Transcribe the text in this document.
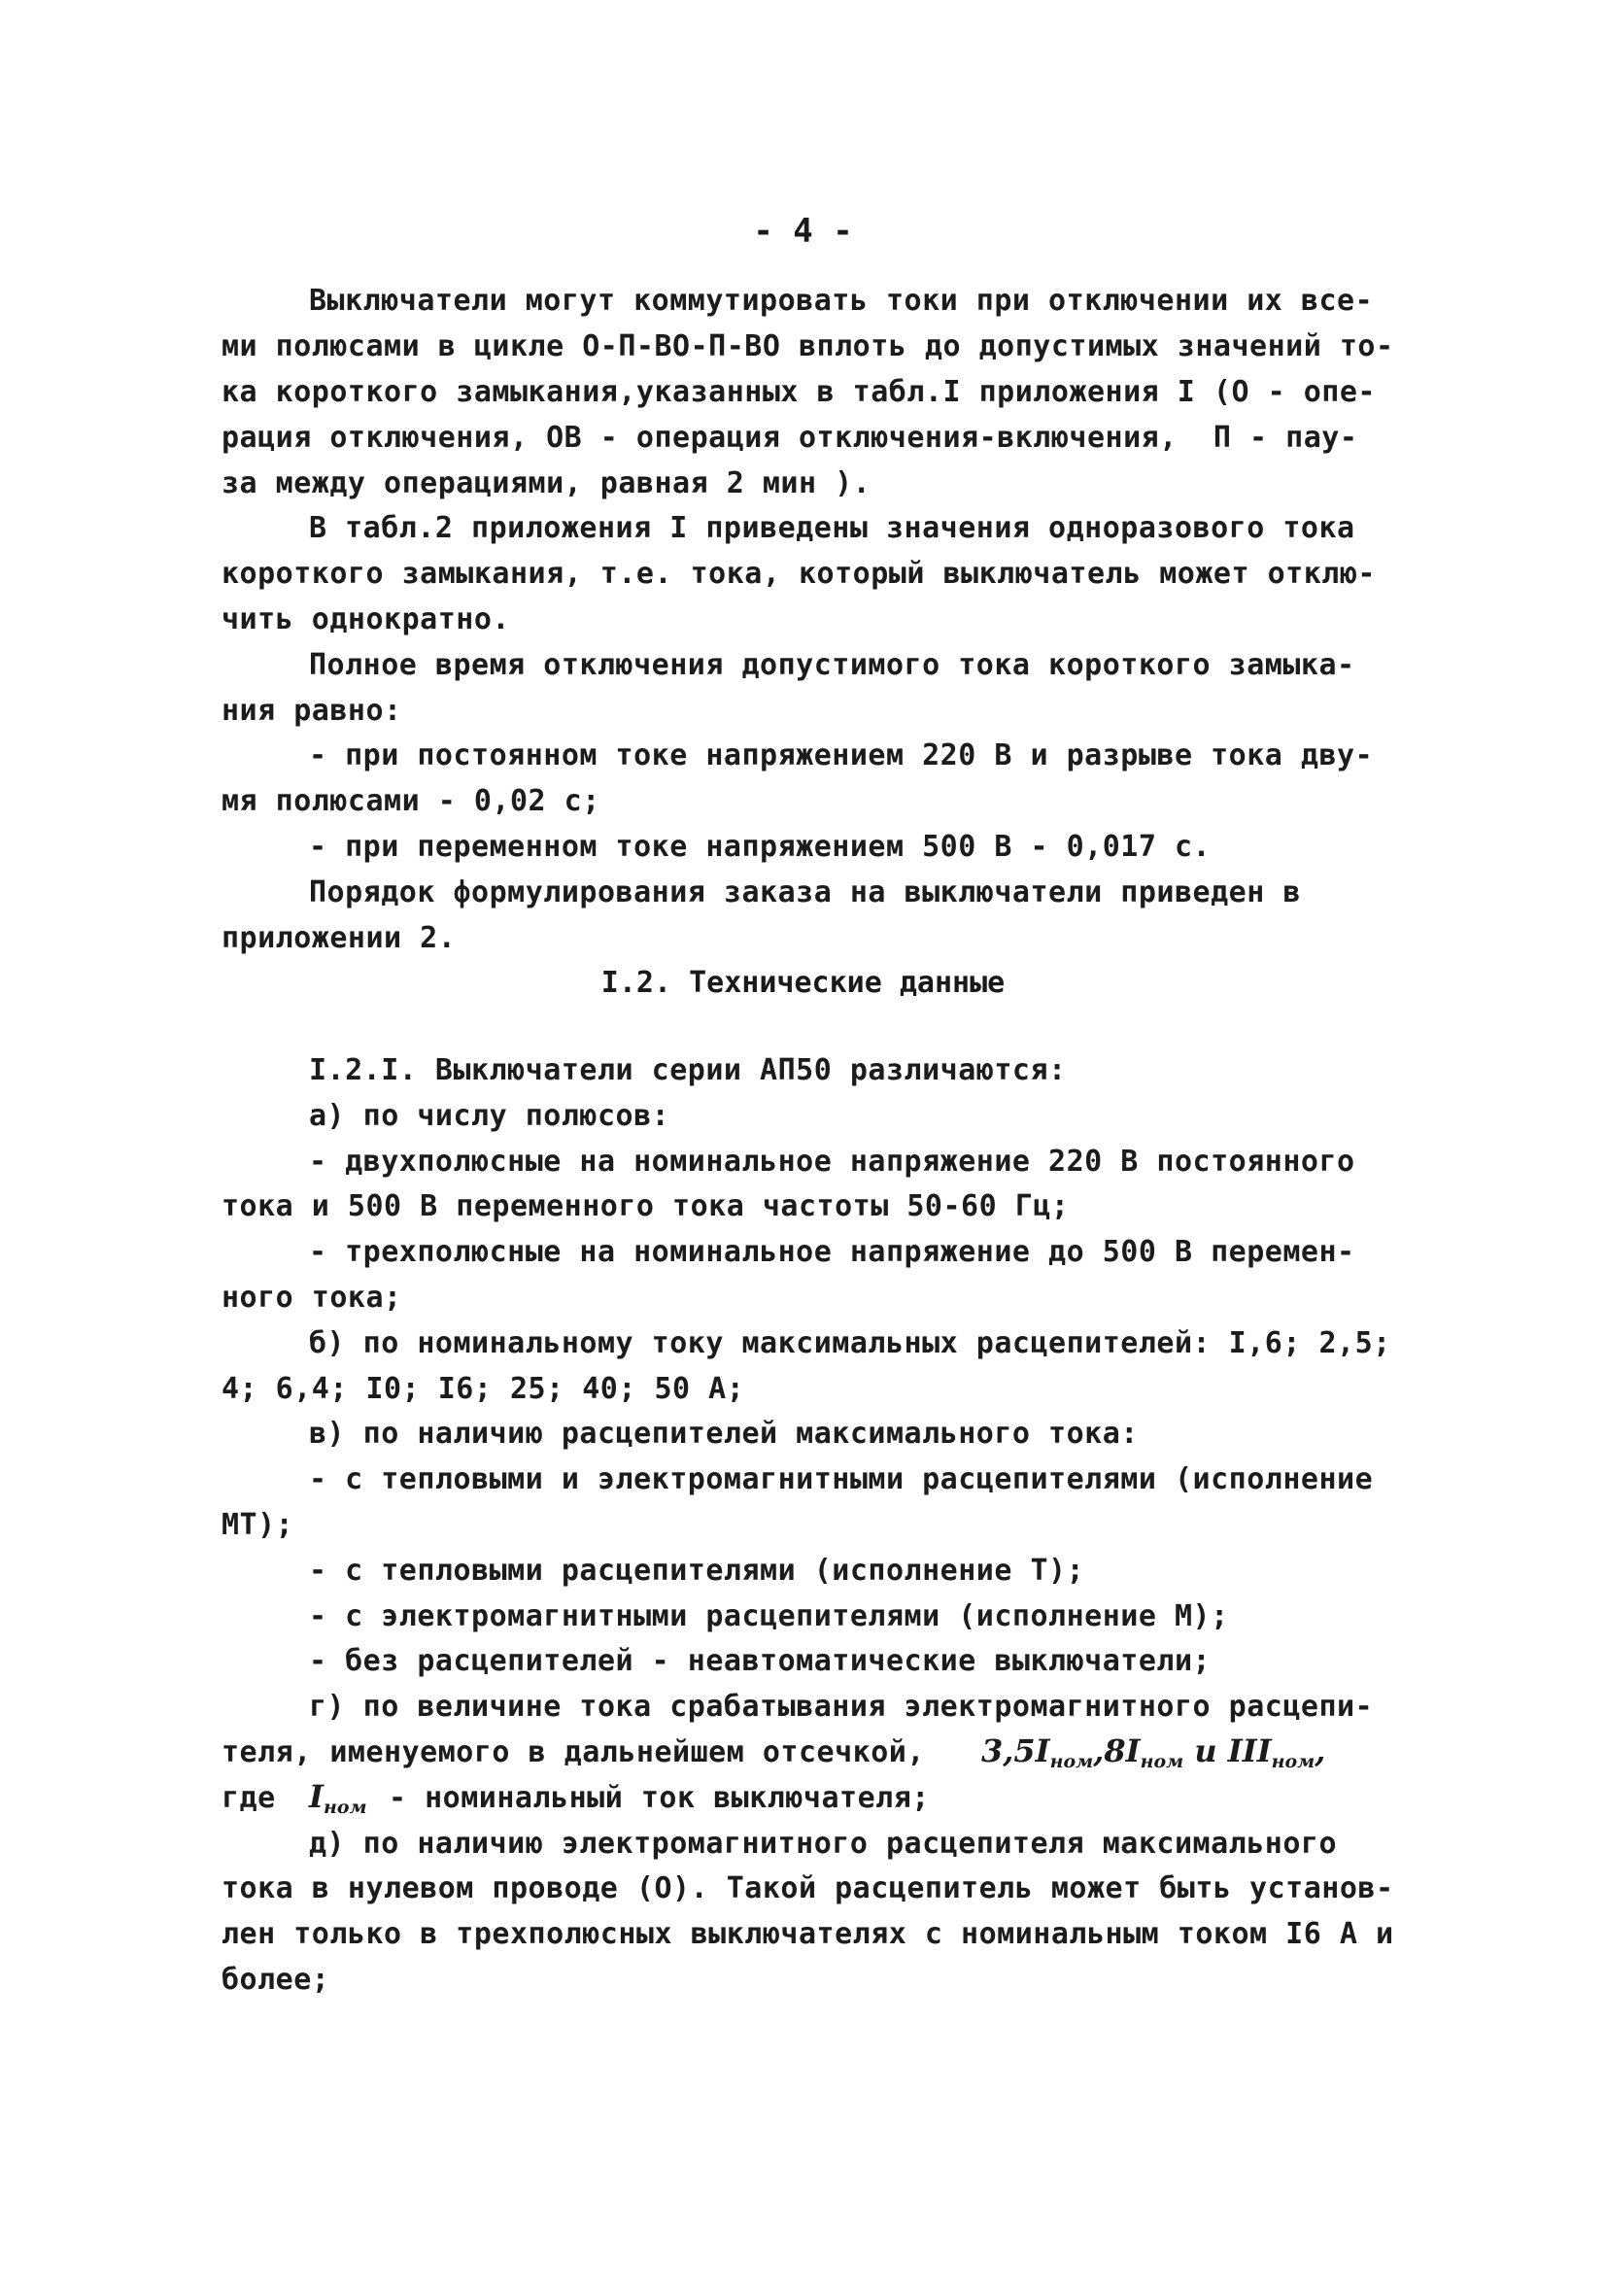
- 4 -
Выключатели могут коммутировать токи при отключении их все-
ми полюсами в цикле О-П-ВО-П-ВО вплоть до допустимых значений то-
ка короткого замыкания,указанных в табл.I приложения I (О - опе-
рация отключения, ОВ - операция отключения-включения,  П - пау-
за между операциями, равная 2 мин ).
В табл.2 приложения I приведены значения одноразового тока
короткого замыкания, т.е. тока, который выключатель может отклю-
чить однократно.
Полное время отключения допустимого тока короткого замыка-
ния равно:
- при постоянном токе напряжением 220 В и разрыве тока дву-
мя полюсами - 0,02 с;
- при переменном токе напряжением 500 В - 0,017 с.
Порядок формулирования заказа на выключатели приведен в
приложении 2.
I.2. Технические данные
I.2.I. Выключатели серии АП50 различаются:
а) по числу полюсов:
- двухполюсные на номинальное напряжение 220 В постоянного
тока и 500 В переменного тока частоты 50-60 Гц;
- трехполюсные на номинальное напряжение до 500 В перемен-
ного тока;
б) по номинальному току максимальных расцепителей: I,6; 2,5;
4; 6,4; I0; I6; 25; 40; 50 А;
в) по наличию расцепителей максимального тока:
- с тепловыми и электромагнитными расцепителями (исполнение
МТ);
- с тепловыми расцепителями (исполнение Т);
- с электромагнитными расцепителями (исполнение М);
- без расцепителей - неавтоматические выключатели;
г) по величине тока срабатывания электромагнитного расцепи-
теля, именуемого в дальнейшем отсечкой, $3,5I_{ном},8I_{ном}$ и $III_{ном}$,
где $I_{ном}$ - номинальный ток выключателя;
д) по наличию электромагнитного расцепителя максимального
тока в нулевом проводе (О). Такой расцепитель может быть установ-
лен только в трехполюсных выключателях с номинальным током I6 А и
более;
